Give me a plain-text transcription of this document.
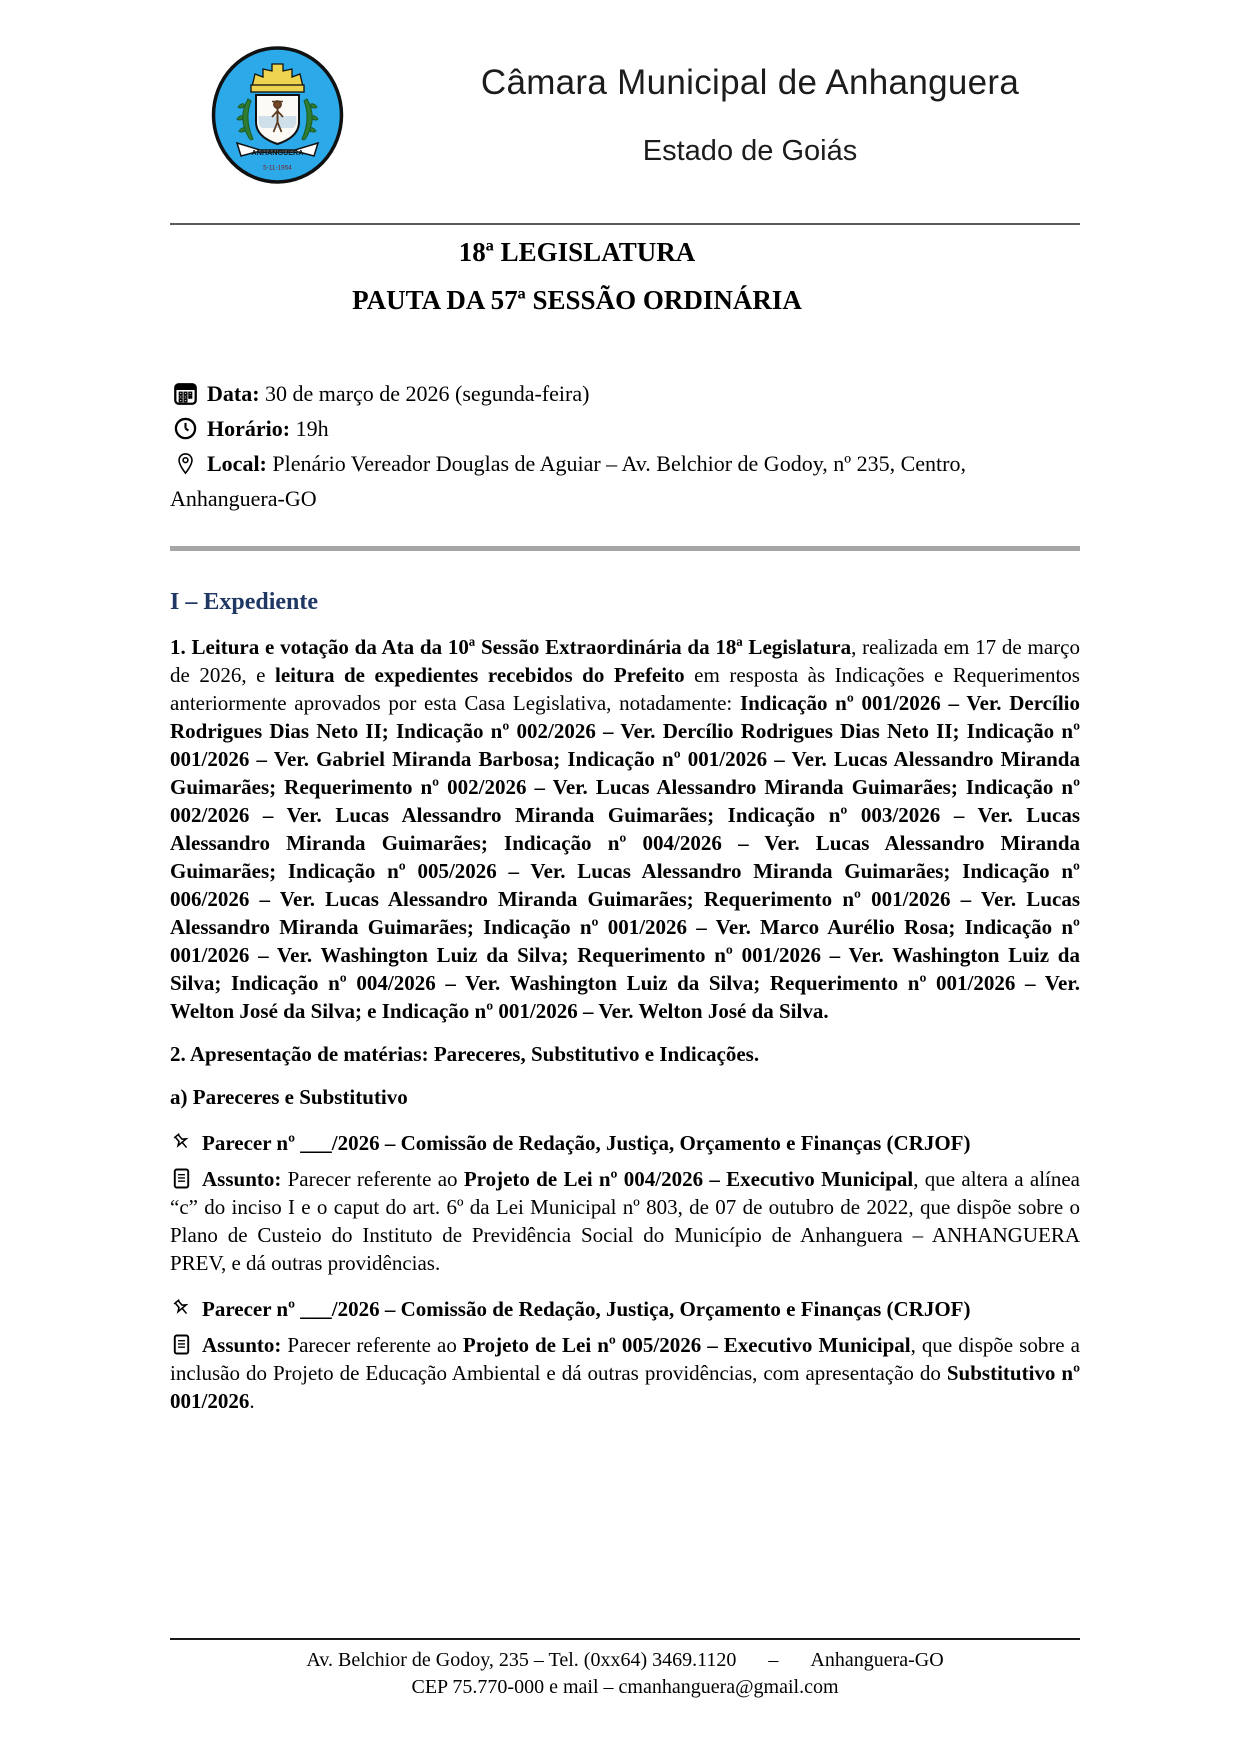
ANHANGUERA
5-11-1954
Câmara Municipal de Anhanguera
Estado de Goiás
18ª LEGISLATURA
PAUTA DA 57ª SESSÃO ORDINÁRIA
Data: 30 de março de 2026 (segunda-feira)
Horário: 19h
Local: Plenário Vereador Douglas de Aguiar – Av. Belchior de Godoy, nº 235, Centro, Anhanguera-GO
I – Expediente

1. Leitura e votação da Ata da 10ª Sessão Extraordinária da 18ª Legislatura, realizada em 17 de março de 2026, e leitura de expedientes recebidos do Prefeito em resposta às Indicações e Requerimentos anteriormente aprovados por esta Casa Legislativa, notadamente: Indicação nº 001/2026 – Ver. Dercílio Rodrigues Dias Neto II; Indicação nº 002/2026 – Ver. Dercílio Rodrigues Dias Neto II; Indicação nº 001/2026 – Ver. Gabriel Miranda Barbosa; Indicação nº 001/2026 – Ver. Lucas Alessandro Miranda Guimarães; Requerimento nº 002/2026 – Ver. Lucas Alessandro Miranda Guimarães; Indicação nº 002/2026 – Ver. Lucas Alessandro Miranda Guimarães; Indicação nº 003/2026 – Ver. Lucas Alessandro Miranda Guimarães; Indicação nº 004/2026 – Ver. Lucas Alessandro Miranda Guimarães; Indicação nº 005/2026 – Ver. Lucas Alessandro Miranda Guimarães; Indicação nº 006/2026 – Ver. Lucas Alessandro Miranda Guimarães; Requerimento nº 001/2026 – Ver. Lucas Alessandro Miranda Guimarães; Indicação nº 001/2026 – Ver. Marco Aurélio Rosa; Indicação nº 001/2026 – Ver. Washington Luiz da Silva; Requerimento nº 001/2026 – Ver. Washington Luiz da Silva; Indicação nº 004/2026 – Ver. Washington Luiz da Silva; Requerimento nº 001/2026 – Ver. Welton José da Silva; e Indicação nº 001/2026 – Ver. Welton José da Silva.

2. Apresentação de matérias: Pareceres, Substitutivo e Indicações.

a) Pareceres e Substitutivo

Parecer nº ___/2026 – Comissão de Redação, Justiça, Orçamento e Finanças (CRJOF)

Assunto: Parecer referente ao Projeto de Lei nº 004/2026 – Executivo Municipal, que altera a alínea “c” do inciso I e o caput do art. 6º da Lei Municipal nº 803, de 07 de outubro de 2022, que dispõe sobre o Plano de Custeio do Instituto de Previdência Social do Município de Anhanguera – ANHANGUERA PREV, e dá outras providências.

Parecer nº ___/2026 – Comissão de Redação, Justiça, Orçamento e Finanças (CRJOF)

Assunto: Parecer referente ao Projeto de Lei nº 005/2026 – Executivo Municipal, que dispõe sobre a inclusão do Projeto de Educação Ambiental e dá outras providências, com apresentação do Substitutivo nº 001/2026.

Av. Belchior de Godoy, 235 – Tel. (0xx64) 3469.1120 – Anhanguera-GO
CEP 75.770-000 e mail – cmanhanguera@gmail.com
